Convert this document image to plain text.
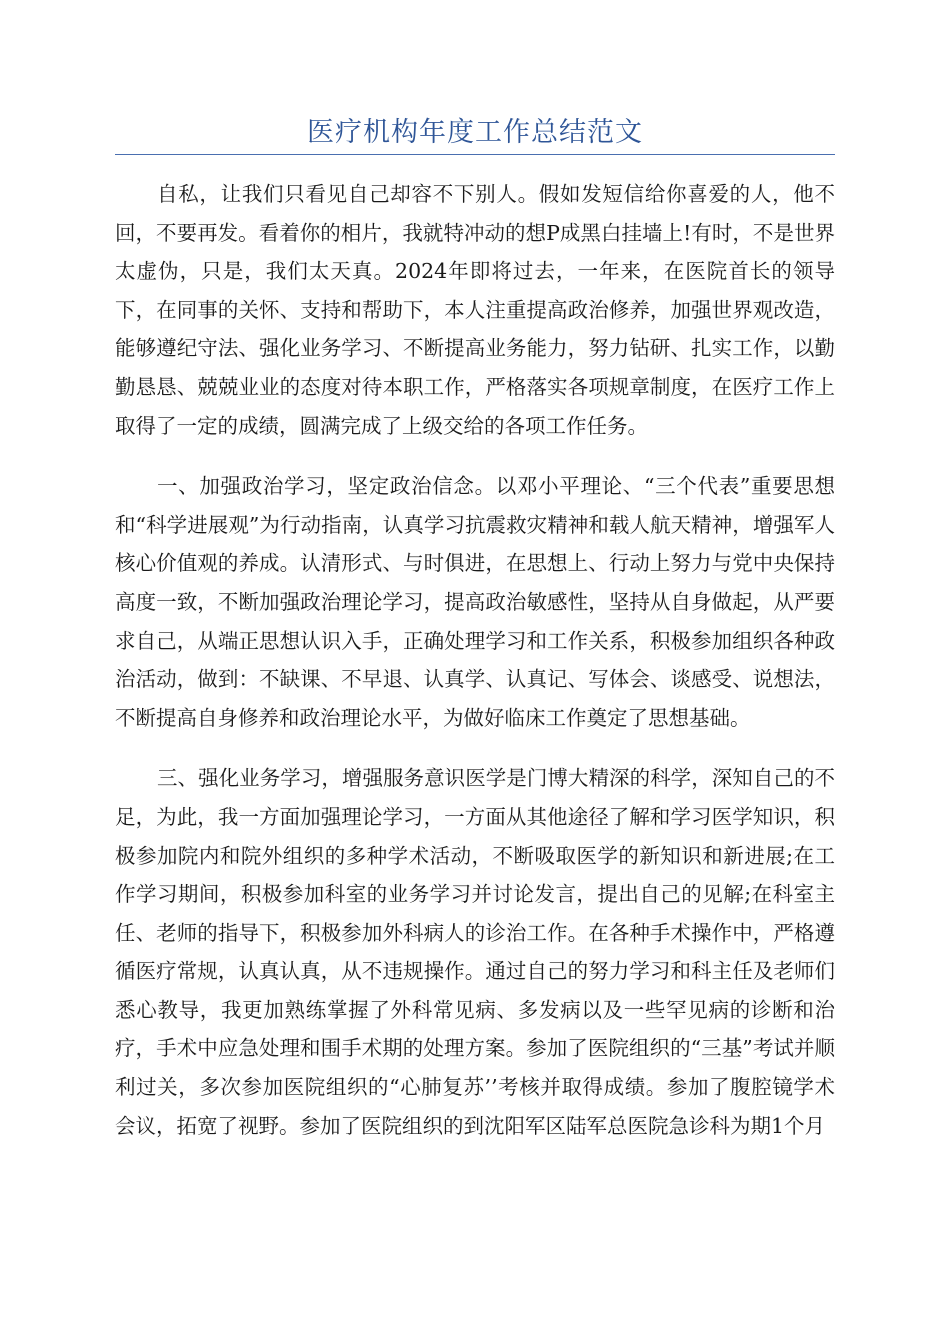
医疗机构年度工作总结范文

自私，让我们只看见自己却容不下别人。假如发短信给你喜爱的人，他不回，不要再发。看着你的相片，我就特冲动的想P成黑白挂墙上!有时，不是世界太虚伪，只是，我们太天真。2024年即将过去，一年来，在医院首长的领导下，在同事的关怀、支持和帮助下，本人注重提高政治修养，加强世界观改造，能够遵纪守法、强化业务学习、不断提高业务能力，努力钻研、扎实工作，以勤勤恳恳、兢兢业业的态度对待本职工作，严格落实各项规章制度，在医疗工作上取得了一定的成绩，圆满完成了上级交给的各项工作任务。

一、加强政治学习，坚定政治信念。以邓小平理论、“三个代表”重要思想和“科学进展观”为行动指南，认真学习抗震救灾精神和载人航天精神，增强军人核心价值观的养成。认清形式、与时俱进，在思想上、行动上努力与党中央保持高度一致，不断加强政治理论学习，提高政治敏感性，坚持从自身做起，从严要求自己，从端正思想认识入手，正确处理学习和工作关系，积极参加组织各种政治活动，做到：不缺课、不早退、认真学、认真记、写体会、谈感受、说想法，不断提高自身修养和政治理论水平，为做好临床工作奠定了思想基础。

三、强化业务学习，增强服务意识医学是门博大精深的科学，深知自己的不足，为此，我一方面加强理论学习，一方面从其他途径了解和学习医学知识，积极参加院内和院外组织的多种学术活动，不断吸取医学的新知识和新进展;在工作学习期间，积极参加科室的业务学习并讨论发言，提出自己的见解;在科室主任、老师的指导下，积极参加外科病人的诊治工作。在各种手术操作中，严格遵循医疗常规，认真认真，从不违规操作。通过自己的努力学习和科主任及老师们悉心教导，我更加熟练掌握了外科常见病、多发病以及一些罕见病的诊断和治疗，手术中应急处理和围手术期的处理方案。参加了医院组织的“三基”考试并顺利过关，多次参加医院组织的“心肺复苏’’考核并取得成绩。参加了腹腔镜学术会议，拓宽了视野。参加了医院组织的到沈阳军区陆军总医院急诊科为期1个月
